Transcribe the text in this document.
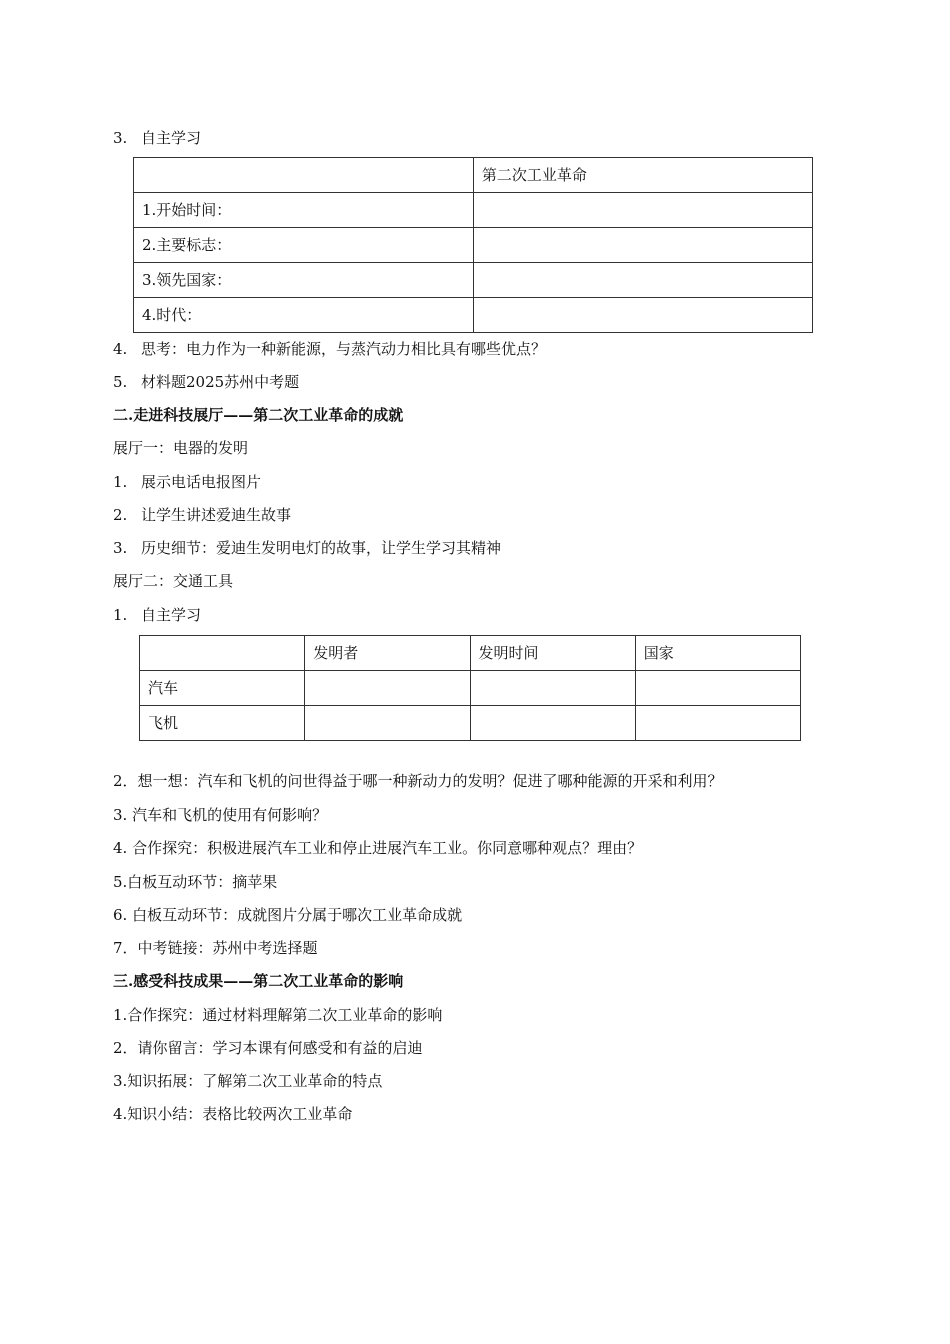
3. 自主学习
	第二次工业革命
1.开始时间：	
2.主要标志：	
3.领先国家：	
4.时代：	
4. 思考：电力作为一种新能源，与蒸汽动力相比具有哪些优点？
5. 材料题2025苏州中考题
二.走进科技展厅——第二次工业革命的成就
展厅一：电器的发明
1. 展示电话电报图片
2. 让学生讲述爱迪生故事
3. 历史细节：爱迪生发明电灯的故事，让学生学习其精神
展厅二：交通工具
1. 自主学习
	发明者	发明时间	国家
汽车			
飞机			
2．想一想：汽车和飞机的问世得益于哪一种新动力的发明？促进了哪种能源的开采和利用？
3. 汽车和飞机的使用有何影响？
4. 合作探究：积极进展汽车工业和停止进展汽车工业。你同意哪种观点？理由？
5.白板互动环节：摘苹果
6. 白板互动环节：成就图片分属于哪次工业革命成就
7．中考链接：苏州中考选择题
三.感受科技成果——第二次工业革命的影响
1.合作探究：通过材料理解第二次工业革命的影响
2．请你留言：学习本课有何感受和有益的启迪
3.知识拓展：了解第二次工业革命的特点
4.知识小结：表格比较两次工业革命
